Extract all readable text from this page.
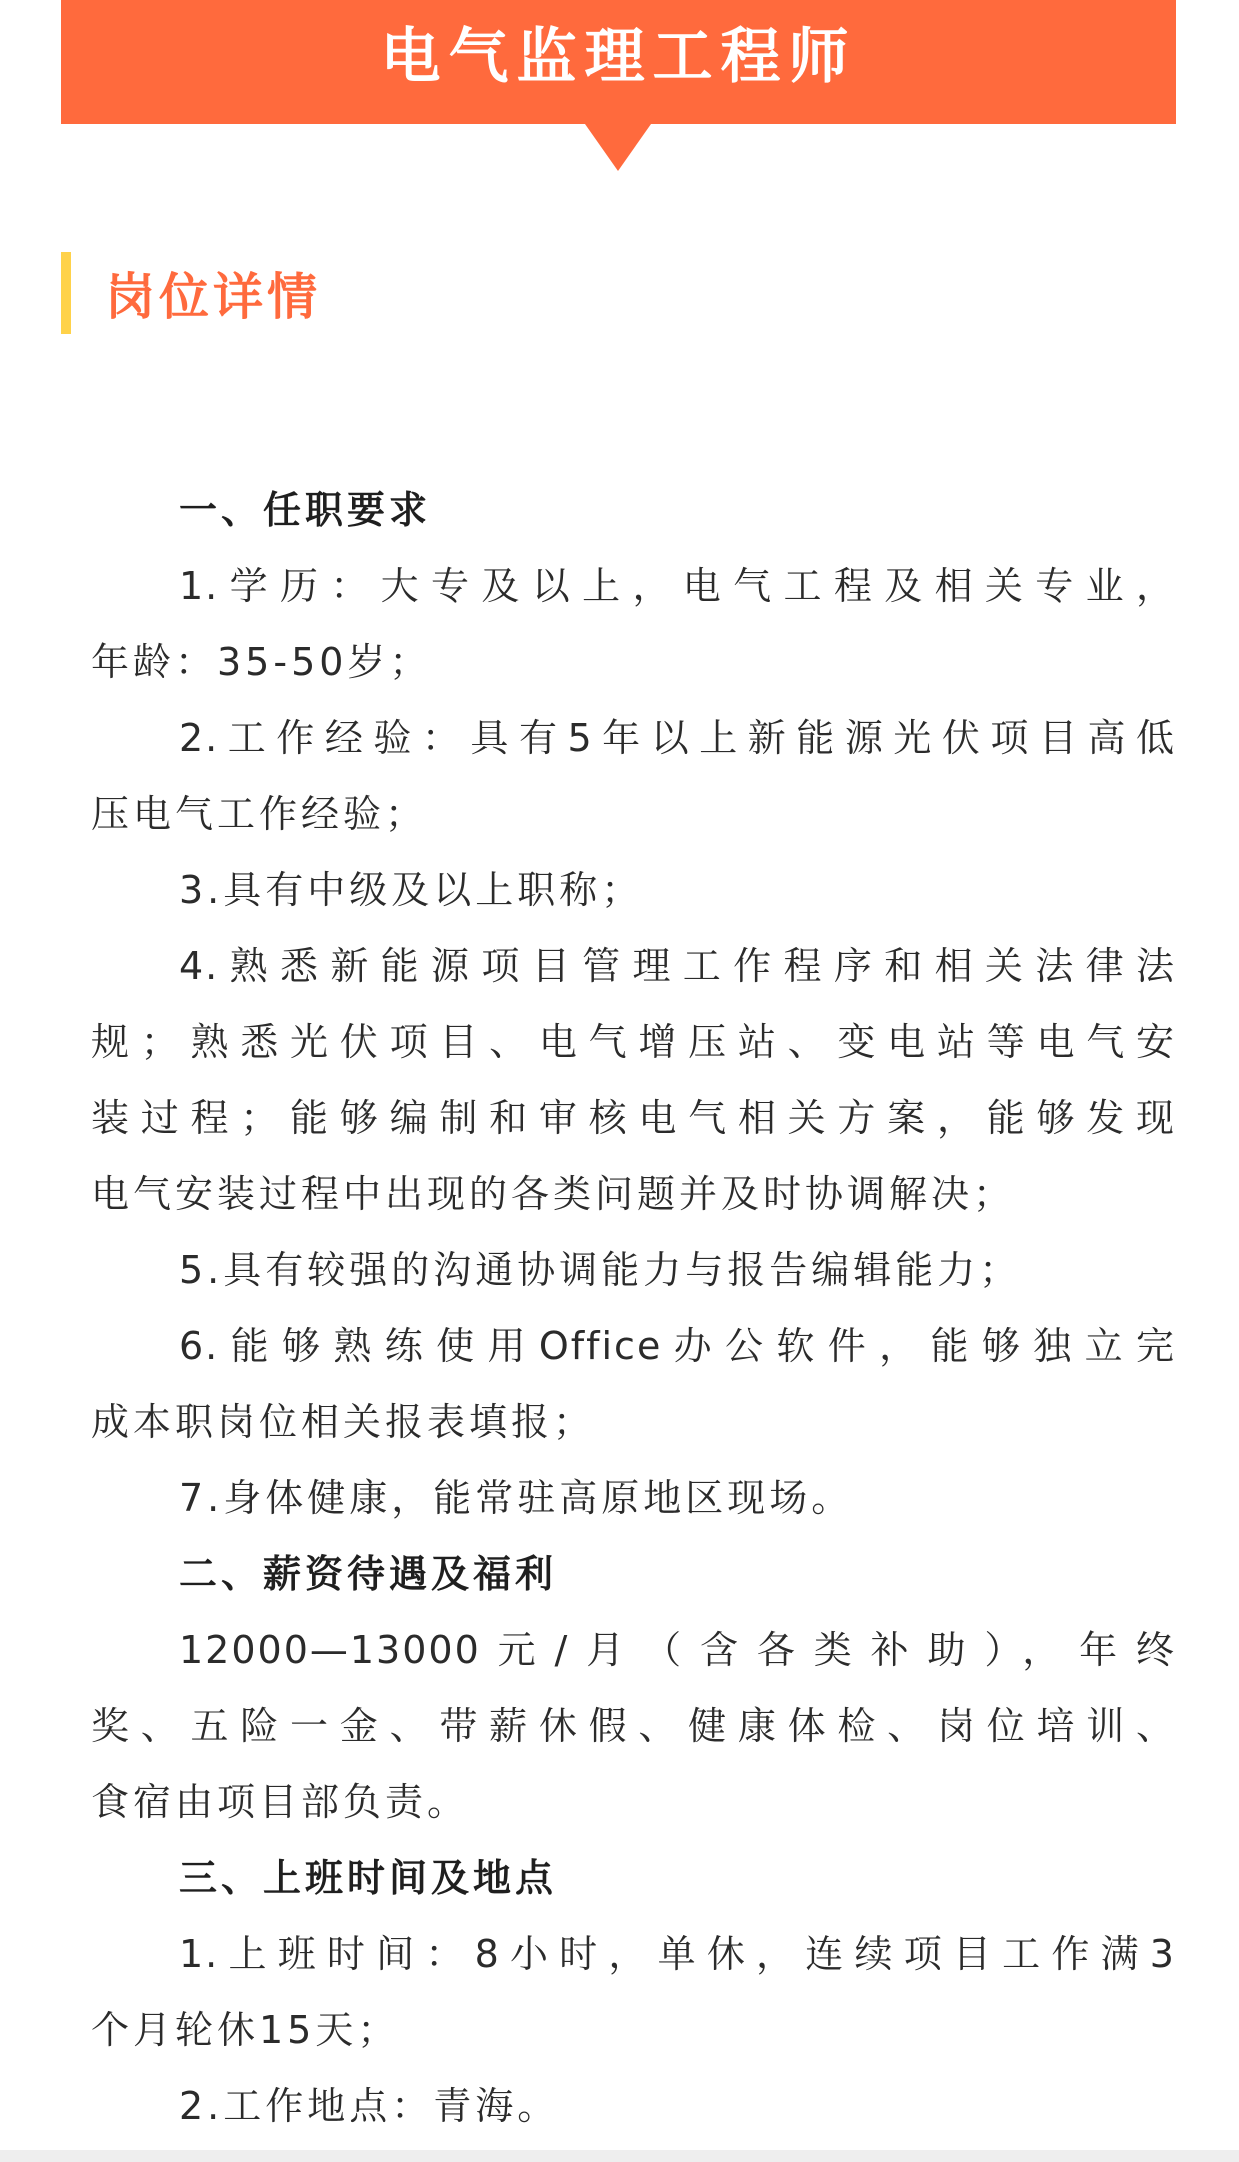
电气监理工程师
岗位详情
一、任职要求
1.学历：大专及以上，电气工程及相关专业，
年龄：35-50岁；
2.工作经验：具有5年以上新能源光伏项目高低
压电气工作经验；
3.具有中级及以上职称；
4.熟悉新能源项目管理工作程序和相关法律法
规；熟悉光伏项目、电气增压站、变电站等电气安
装过程；能够编制和审核电气相关方案，能够发现
电气安装过程中出现的各类问题并及时协调解决；
5.具有较强的沟通协调能力与报告编辑能力；
6.能够熟练使用Office办公软件，能够独立完
成本职岗位相关报表填报；
7.身体健康，能常驻高原地区现场。
二、薪资待遇及福利
12000—13000元/月（含各类补助），年终
奖、五险一金、带薪休假、健康体检、岗位培训、
食宿由项目部负责。
三、上班时间及地点
1.上班时间：8小时，单休，连续项目工作满3
个月轮休15天；
2.工作地点：青海。
